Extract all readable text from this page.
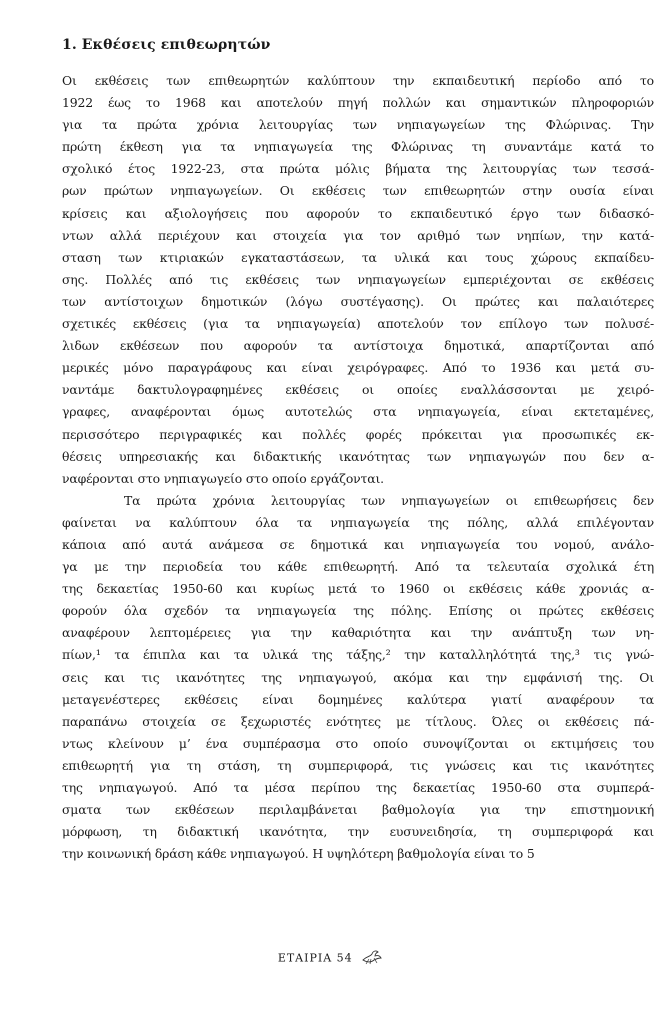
1. Εκθέσεις επιθεωρητών
Οι εκθέσεις των επιθεωρητών καλύπτουν την εκπαιδευτική περίοδο από το
1922 έως το 1968 και αποτελούν πηγή πολλών και σημαντικών πληροφοριών
για τα πρώτα χρόνια λειτουργίας των νηπιαγωγείων της Φλώρινας. Την
πρώτη έκθεση για τα νηπιαγωγεία της Φλώρινας τη συναντάμε κατά το
σχολικό έτος 1922-23, στα πρώτα μόλις βήματα της λειτουργίας των τεσσά-
ρων πρώτων νηπιαγωγείων. Οι εκθέσεις των επιθεωρητών στην ουσία είναι
κρίσεις και αξιολογήσεις που αφορούν το εκπαιδευτικό έργο των διδασκό-
ντων αλλά περιέχουν και στοιχεία για τον αριθμό των νηπίων, την κατά-
σταση των κτιριακών εγκαταστάσεων, τα υλικά και τους χώρους εκπαίδευ-
σης. Πολλές από τις εκθέσεις των νηπιαγωγείων εμπεριέχονται σε εκθέσεις
των αντίστοιχων δημοτικών (λόγω συστέγασης). Οι πρώτες και παλαιότερες
σχετικές εκθέσεις (για τα νηπιαγωγεία) αποτελούν τον επίλογο των πολυσέ-
λιδων εκθέσεων που αφορούν τα αντίστοιχα δημοτικά, απαρτίζονται από
μερικές μόνο παραγράφους και είναι χειρόγραφες. Από το 1936 και μετά συ-
ναντάμε δακτυλογραφημένες εκθέσεις οι οποίες εναλλάσσονται με χειρό-
γραφες, αναφέρονται όμως αυτοτελώς στα νηπιαγωγεία, είναι εκτεταμένες,
περισσότερο περιγραφικές και πολλές φορές πρόκειται για προσωπικές εκ-
θέσεις υπηρεσιακής και διδακτικής ικανότητας των νηπιαγωγών που δεν α-
ναφέρονται στο νηπιαγωγείο στο οποίο εργάζονται.
Τα πρώτα χρόνια λειτουργίας των νηπιαγωγείων οι επιθεωρήσεις δεν
φαίνεται να καλύπτουν όλα τα νηπιαγωγεία της πόλης, αλλά επιλέγονταν
κάποια από αυτά ανάμεσα σε δημοτικά και νηπιαγωγεία του νομού, ανάλο-
γα με την περιοδεία του κάθε επιθεωρητή. Από τα τελευταία σχολικά έτη
της δεκαετίας 1950-60 και κυρίως μετά το 1960 οι εκθέσεις κάθε χρονιάς α-
φορούν όλα σχεδόν τα νηπιαγωγεία της πόλης. Επίσης οι πρώτες εκθέσεις
αναφέρουν λεπτομέρειες για την καθαριότητα και την ανάπτυξη των νη-
πίων,¹ τα έπιπλα και τα υλικά της τάξης,² την καταλληλότητά της,³ τις γνώ-
σεις και τις ικανότητες της νηπιαγωγού, ακόμα και την εμφάνισή της. Οι
μεταγενέστερες εκθέσεις είναι δομημένες καλύτερα γιατί αναφέρουν τα
παραπάνω στοιχεία σε ξεχωριστές ενότητες με τίτλους. Όλες οι εκθέσεις πά-
ντως κλείνουν μ’ ένα συμπέρασμα στο οποίο συνοψίζονται οι εκτιμήσεις του
επιθεωρητή για τη στάση, τη συμπεριφορά, τις γνώσεις και τις ικανότητες
της νηπιαγωγού. Από τα μέσα περίπου της δεκαετίας 1950-60 στα συμπερά-
σματα των εκθέσεων περιλαμβάνεται βαθμολογία για την επιστημονική
μόρφωση, τη διδακτική ικανότητα, την ευσυνειδησία, τη συμπεριφορά και
την κοινωνική δράση κάθε νηπιαγωγού. Η υψηλότερη βαθμολογία είναι το 5
ΕΤΑΙΡΙΑ 54
